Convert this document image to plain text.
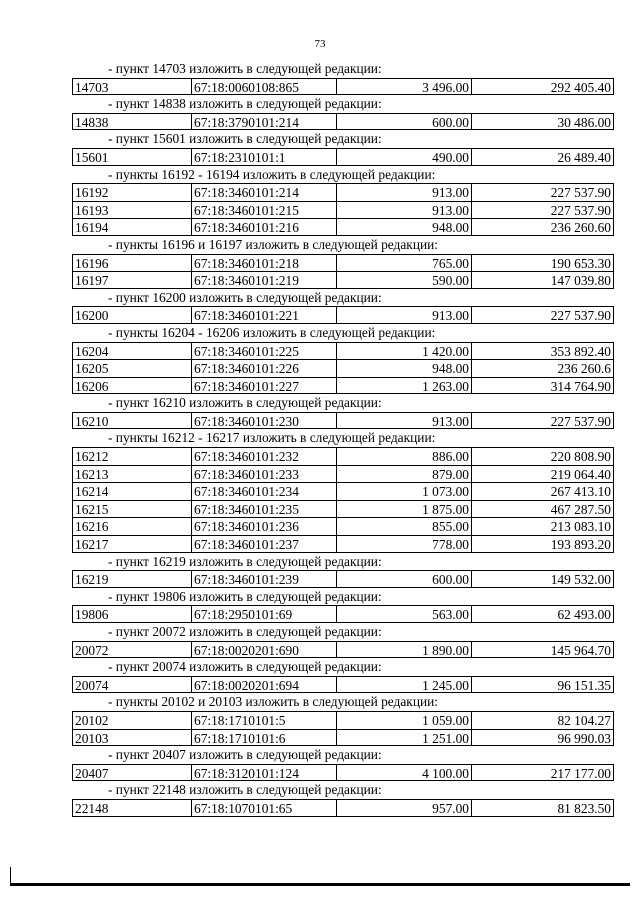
73
- пункт 14703 изложить в следующей редакции:
14703	67:18:0060108:865	3 496.00	292 405.40
- пункт 14838 изложить в следующей редакции:
14838	67:18:3790101:214	600.00	30 486.00
- пункт 15601 изложить в следующей редакции:
15601	67:18:2310101:1	490.00	26 489.40
- пункты 16192 - 16194 изложить в следующей редакции:
16192	67:18:3460101:214	913.00	227 537.90
16193	67:18:3460101:215	913.00	227 537.90
16194	67:18:3460101:216	948.00	236 260.60
- пункты 16196 и 16197 изложить в следующей редакции:
16196	67:18:3460101:218	765.00	190 653.30
16197	67:18:3460101:219	590.00	147 039.80
- пункт 16200 изложить в следующей редакции:
16200	67:18:3460101:221	913.00	227 537.90
- пункты 16204 - 16206 изложить в следующей редакции:
16204	67:18:3460101:225	1 420.00	353 892.40
16205	67:18:3460101:226	948.00	236 260.6
16206	67:18:3460101:227	1 263.00	314 764.90
- пункт 16210 изложить в следующей редакции:
16210	67:18:3460101:230	913.00	227 537.90
- пункты 16212 - 16217 изложить в следующей редакции:
16212	67:18:3460101:232	886.00	220 808.90
16213	67:18:3460101:233	879.00	219 064.40
16214	67:18:3460101:234	1 073.00	267 413.10
16215	67:18:3460101:235	1 875.00	467 287.50
16216	67:18:3460101:236	855.00	213 083.10
16217	67:18:3460101:237	778.00	193 893.20
- пункт 16219 изложить в следующей редакции:
16219	67:18:3460101:239	600.00	149 532.00
- пункт 19806 изложить в следующей редакции:
19806	67:18:2950101:69	563.00	62 493.00
- пункт 20072 изложить в следующей редакции:
20072	67:18:0020201:690	1 890.00	145 964.70
- пункт 20074 изложить в следующей редакции:
20074	67:18:0020201:694	1 245.00	96 151.35
- пункты 20102 и 20103 изложить в следующей редакции:
20102	67:18:1710101:5	1 059.00	82 104.27
20103	67:18:1710101:6	1 251.00	96 990.03
- пункт 20407 изложить в следующей редакции:
20407	67:18:3120101:124	4 100.00	217 177.00
- пункт 22148 изложить в следующей редакции:
22148	67:18:1070101:65	957.00	81 823.50
